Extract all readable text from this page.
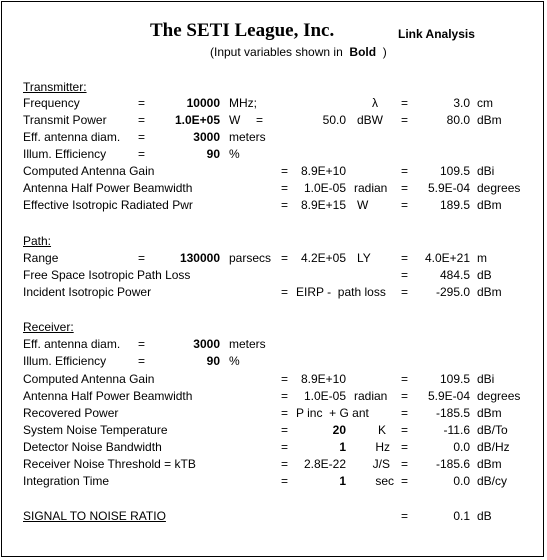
The SETI League, Inc.	Link Analysis
(Input variables shown in Bold )
Transmitter:
Frequency	=	10000 MHz;	λ =	3.0 cm
Transmit Power	=	1.0E+05 W =	50.0 dBW =	80.0 dBm
Eff. antenna diam. =	3000 meters
Illum. Efficiency	=	90 %
Computed Antenna Gain	=	8.9E+10	=	109.5 dBi
Antenna Half Power Beamwidth	=	1.0E-05 radian =	5.9E-04 degrees
Effective Isotropic Radiated Pwr	=	8.9E+15 W	=	189.5 dBm
Path:
Range	=	130000 parsecs =	4.2E+05 LY	=	4.0E+21 m
Free Space Isotropic Path Loss	=	484.5 dB
Incident Isotropic Power	= EIRP -  path loss =	-295.0 dBm
Receiver:
Eff. antenna diam. =	3000 meters
Illum. Efficiency	=	90 %
Computed Antenna Gain	=	8.9E+10	=	109.5 dBi
Antenna Half Power Beamwidth	=	1.0E-05 radian =	5.9E-04 degrees
Recovered Power	= P inc  + G ant	=	-185.5 dBm
System Noise Temperature	=	20	K =	-11.6 dB/To
Detector Noise Bandwidth	=	1	Hz =	0.0 dB/Hz
Receiver Noise Threshold = kTB	=	2.8E-22	J/S =	-185.6 dBm
Integration Time	=	1	sec =	0.0 dB/cy
SIGNAL TO NOISE RATIO	=	0.1 dB
